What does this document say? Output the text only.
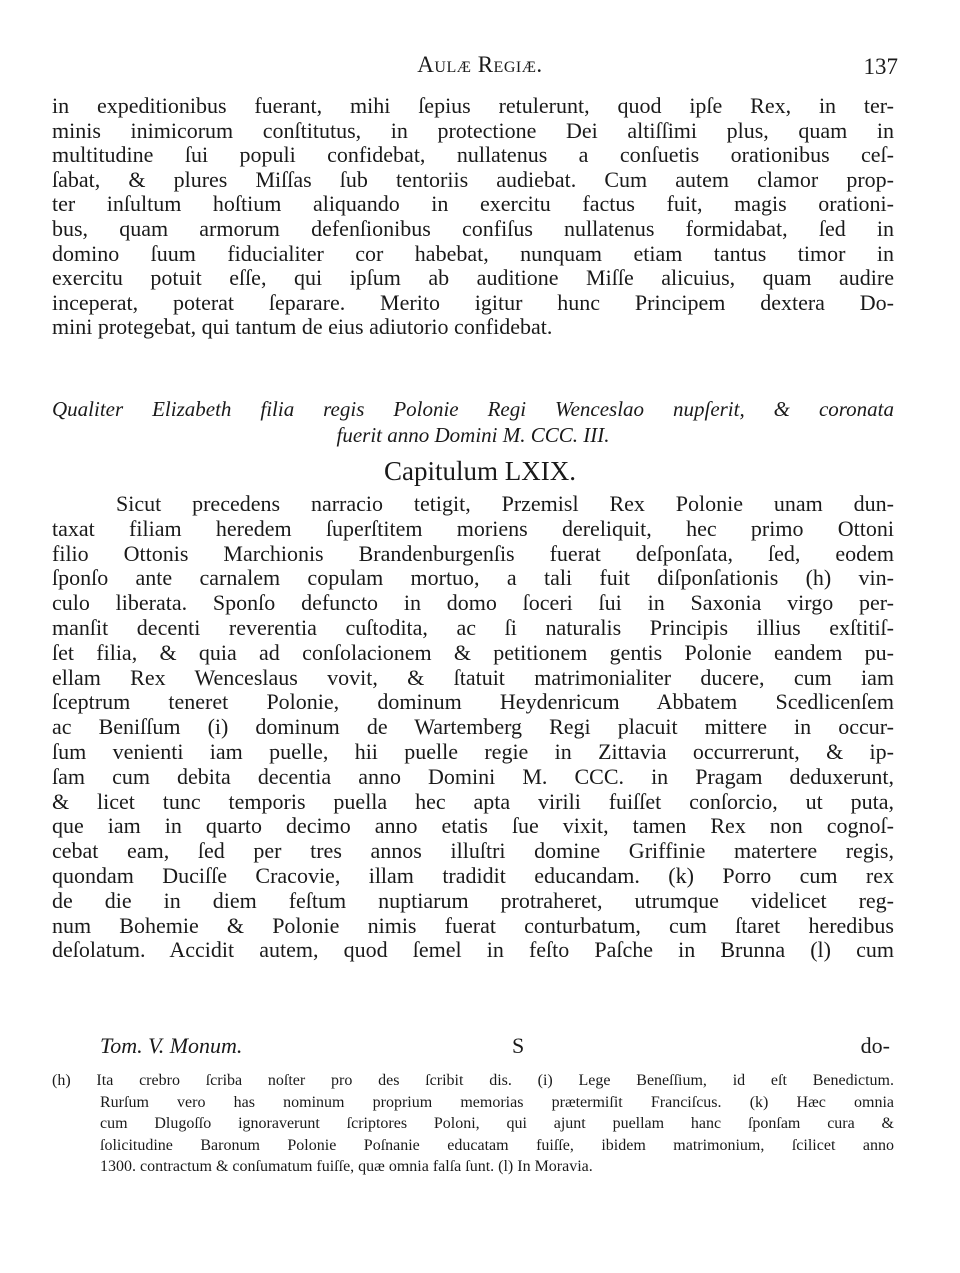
Aulæ Regiæ.	137
in expeditionibus fuerant, mihi ſepius retulerunt, quod ipſe Rex, in ter-
minis inimicorum conſtitutus, in protectione Dei altiſſimi plus, quam in
multitudine ſui populi confidebat, nullatenus a conſuetis orationibus ceſ-
ſabat, & plures Miſſas ſub tentoriis audiebat. Cum autem clamor prop-
ter inſultum hoſtium aliquando in exercitu factus fuit, magis orationi-
bus, quam armorum defenſionibus confiſus nullatenus formidabat, ſed in
domino ſuum fiducialiter cor habebat, nunquam etiam tantus timor in
exercitu potuit eſſe, qui ipſum ab auditione Miſſe alicuius, quam audire
inceperat, poterat ſeparare. Merito igitur hunc Principem dextera Do-
mini protegebat, qui tantum de eius adiutorio confidebat.
Qualiter Elizabeth filia regis Polonie Regi Wenceslao nupſerit, & coronata
fuerit anno Domini M. CCC. III.
Capitulum LXIX.
Sicut precedens narracio tetigit, Przemisl Rex Polonie unam dun-
taxat filiam heredem ſuperſtitem moriens dereliquit, hec primo Ottoni
filio Ottonis Marchionis Brandenburgenſis fuerat deſponſata, ſed, eodem
ſponſo ante carnalem copulam mortuo, a tali fuit diſponſationis (h) vin-
culo liberata. Sponſo defuncto in domo ſoceri ſui in Saxonia virgo per-
manſit decenti reverentia cuſtodita, ac ſi naturalis Principis illius exſtitiſ-
ſet filia, & quia ad conſolacionem & petitionem gentis Polonie eandem pu-
ellam Rex Wenceslaus vovit, & ſtatuit matrimonialiter ducere, cum iam
ſceptrum teneret Polonie, dominum Heydenricum Abbatem Scedlicenſem
ac Beniſſum (i) dominum de Wartemberg Regi placuit mittere in occur-
ſum venienti iam puelle, hii puelle regie in Zittavia occurrerunt, & ip-
ſam cum debita decentia anno Domini M. CCC. in Pragam deduxerunt,
& licet tunc temporis puella hec apta virili fuiſſet conſorcio, ut puta,
que iam in quarto decimo anno etatis ſue vixit, tamen Rex non cognoſ-
cebat eam, ſed per tres annos illuſtri domine Griffinie matertere regis,
quondam Duciſſe Cracovie, illam tradidit educandam. (k) Porro cum rex
de die in diem feſtum nuptiarum protraheret, utrumque videlicet reg-
num Bohemie & Polonie nimis fuerat conturbatum, cum ſtaret heredibus
deſolatum. Accidit autem, quod ſemel in feſto Paſche in Brunna (l) cum
Tom. V. Monum.	S	do-
(h) Ita crebro ſcriba noſter pro des ſcribit dis. (i) Lege Beneſſium, id eſt Benedictum.
Rurſum vero has nominum proprium memorias prætermiſit Franciſcus. (k) Hæc omnia
cum Dlugoſſo ignoraverunt ſcriptores Poloni, qui ajunt puellam hanc ſponſam cura &
ſolicitudine Baronum Polonie Poſnanie educatam fuiſſe, ibidem matrimonium, ſcilicet anno
1300. contractum & conſumatum fuiſſe, quæ omnia falſa ſunt. (l) In Moravia.
